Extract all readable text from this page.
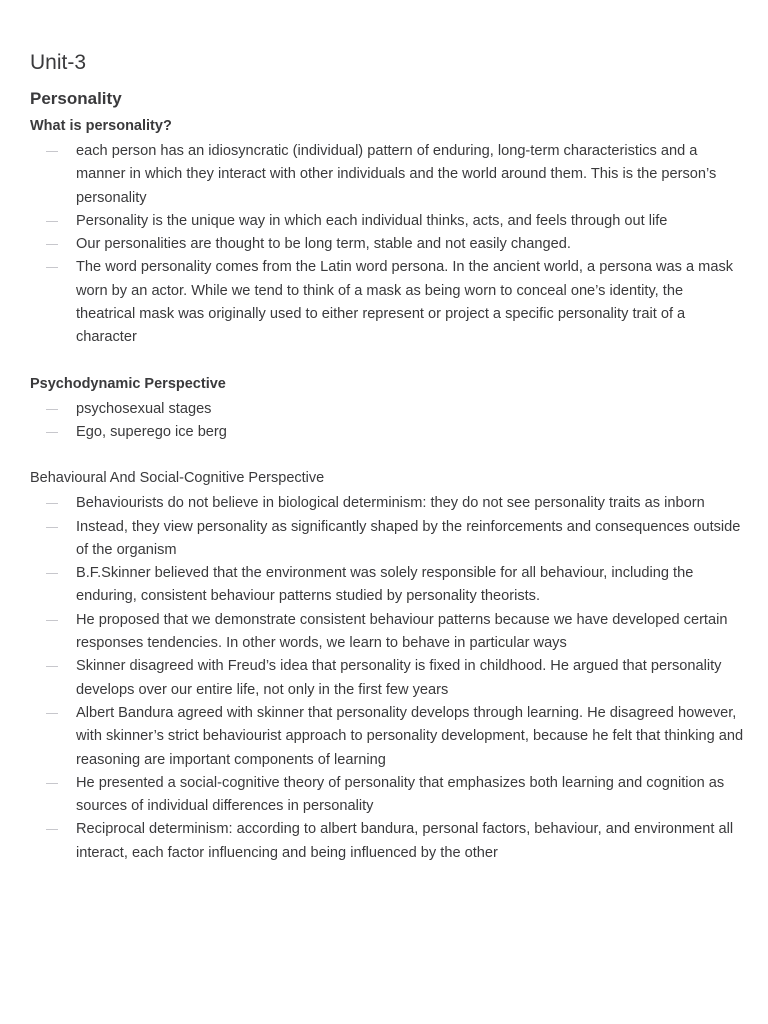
Unit-3
Personality
What is personality?
each person has an idiosyncratic (individual) pattern of enduring, long-term characteristics and a manner in which they interact with other individuals and the world around them. This is the person’s personality
Personality is the unique way in which each individual thinks, acts, and feels through out life
Our personalities are thought to be long term, stable and not easily changed.
The word personality comes from the Latin word persona. In the ancient world, a persona was a mask worn by an actor. While we tend to think of a mask as being worn to conceal one’s identity, the theatrical mask was originally used to either represent or project a specific personality trait of a character
Psychodynamic Perspective
psychosexual stages
Ego, superego ice berg
Behavioural And Social-Cognitive Perspective
Behaviourists do not believe in biological determinism: they do not see personality traits as inborn
Instead, they view personality as significantly shaped by the reinforcements and consequences outside of the organism
B.F.Skinner believed that the environment was solely responsible for all behaviour, including the enduring, consistent behaviour patterns studied by personality theorists.
He proposed that we demonstrate consistent behaviour patterns because we have developed certain responses tendencies. In other words, we learn to behave in particular ways
Skinner disagreed with Freud’s idea that personality is fixed in childhood. He argued that personality develops over our entire life, not only in the first few years
Albert Bandura agreed with skinner that personality develops through learning. He disagreed however, with skinner’s strict behaviourist approach to personality development, because he felt that thinking and reasoning are important components of learning
He presented a social-cognitive theory of personality that emphasizes both learning and cognition as sources of individual differences in personality
Reciprocal determinism: according to albert bandura, personal factors, behaviour, and environment all interact, each factor influencing and being influenced by the other
